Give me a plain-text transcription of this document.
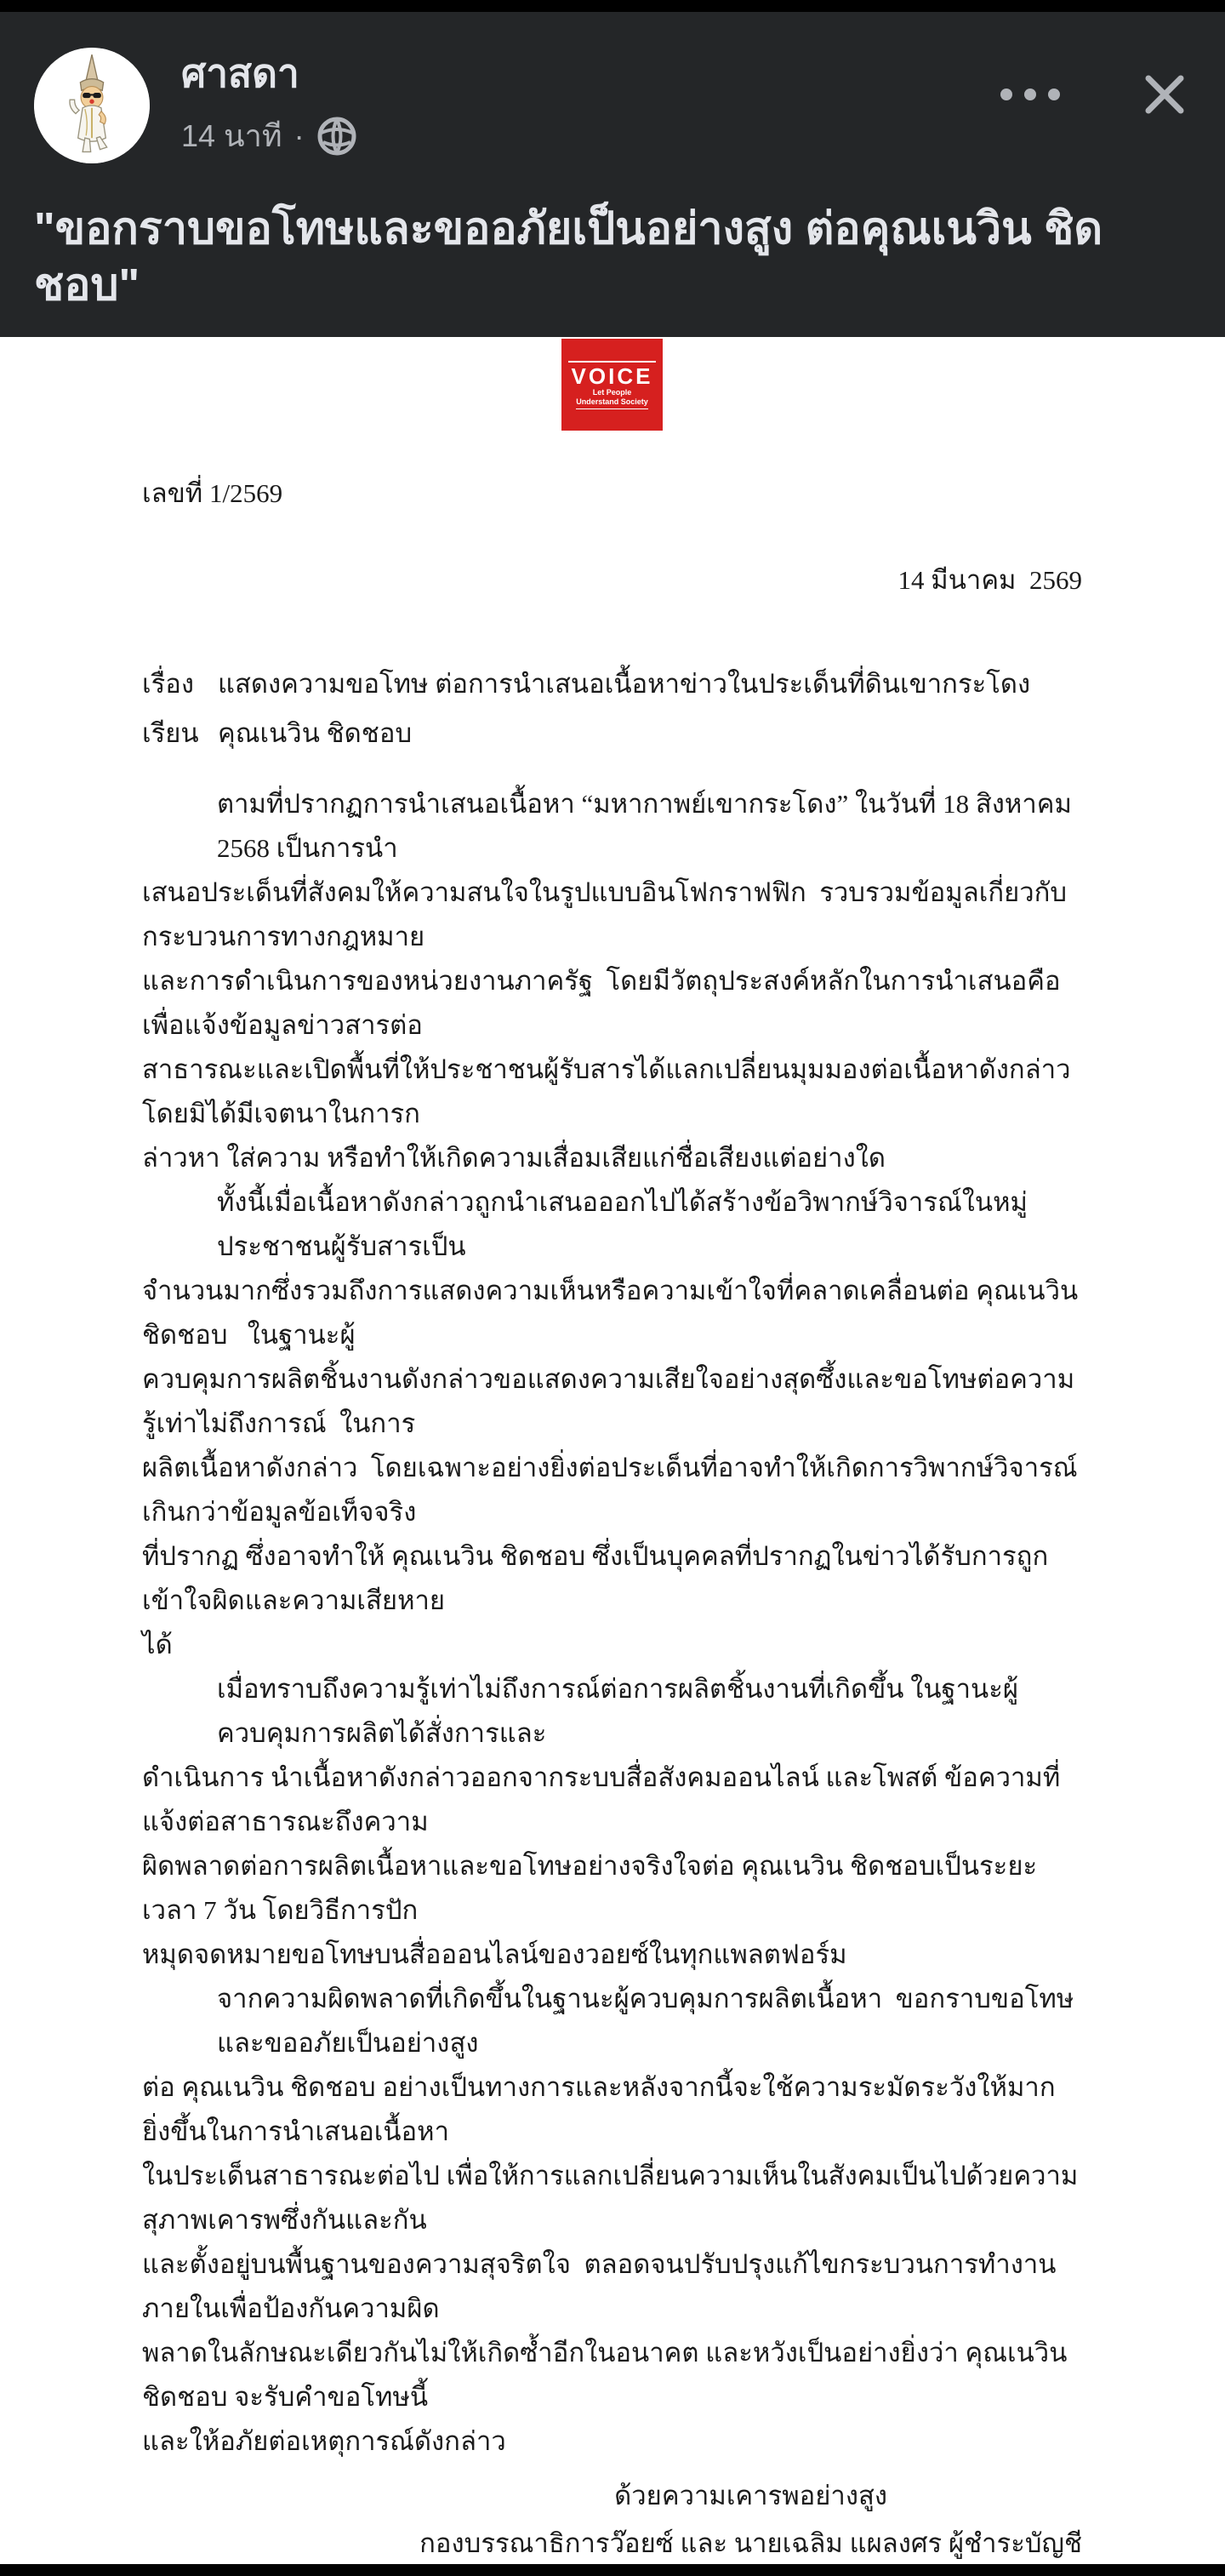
ศาสดา
14 นาที ·
"ขอกราบขอโทษและขออภัยเป็นอย่างสูง ต่อคุณเนวิน ชิดชอบ"
VOICE
Let People
Understand Society
เลขที่ 1/2569
14 มีนาคม  2569
เรื่อง แสดงความขอโทษ ต่อการนำเสนอเนื้อหาข่าวในประเด็นที่ดินเขากระโดง
เรียน คุณเนวิน ชิดชอบ
ตามที่ปรากฏการนำเสนอเนื้อหา “มหากาพย์เขากระโดง” ในวันที่ 18 สิงหาคม 2568 เป็นการนำ
เสนอประเด็นที่สังคมให้ความสนใจในรูปแบบอินโฟกราฟฟิก  รวบรวมข้อมูลเกี่ยวกับกระบวนการทางกฎหมาย
และการดำเนินการของหน่วยงานภาครัฐ  โดยมีวัตถุประสงค์หลักในการนำเสนอคือ  เพื่อแจ้งข้อมูลข่าวสารต่อ
สาธารณะและเปิดพื้นที่ให้ประชาชนผู้รับสารได้แลกเปลี่ยนมุมมองต่อเนื้อหาดังกล่าว  โดยมิได้มีเจตนาในการก
ล่าวหา ใส่ความ หรือทำให้เกิดความเสื่อมเสียแก่ชื่อเสียงแต่อย่างใด
ทั้งนี้เมื่อเนื้อหาดังกล่าวถูกนำเสนอออกไปได้สร้างข้อวิพากษ์วิจารณ์ในหมู่ประชาชนผู้รับสารเป็น
จำนวนมากซึ่งรวมถึงการแสดงความเห็นหรือความเข้าใจที่คลาดเคลื่อนต่อ คุณเนวิน ชิดชอบ   ในฐานะผู้
ควบคุมการผลิตชิ้นงานดังกล่าวขอแสดงความเสียใจอย่างสุดซึ้งและขอโทษต่อความรู้เท่าไม่ถึงการณ์  ในการ
ผลิตเนื้อหาดังกล่าว  โดยเฉพาะอย่างยิ่งต่อประเด็นที่อาจทำให้เกิดการวิพากษ์วิจารณ์เกินกว่าข้อมูลข้อเท็จจริง
ที่ปรากฏ ซึ่งอาจทำให้ คุณเนวิน ชิดชอบ ซึ่งเป็นบุคคลที่ปรากฏในข่าวได้รับการถูกเข้าใจผิดและความเสียหาย
ได้
เมื่อทราบถึงความรู้เท่าไม่ถึงการณ์ต่อการผลิตชิ้นงานที่เกิดขึ้น ในฐานะผู้ควบคุมการผลิตได้สั่งการและ
ดำเนินการ นำเนื้อหาดังกล่าวออกจากระบบสื่อสังคมออนไลน์ และโพสต์ ข้อความที่แจ้งต่อสาธารณะถึงความ
ผิดพลาดต่อการผลิตเนื้อหาและขอโทษอย่างจริงใจต่อ คุณเนวิน ชิดชอบเป็นระยะเวลา 7 วัน โดยวิธีการปัก
หมุดจดหมายขอโทษบนสื่อออนไลน์ของวอยซ์ในทุกแพลตฟอร์ม
จากความผิดพลาดที่เกิดขึ้นในฐานะผู้ควบคุมการผลิตเนื้อหา  ขอกราบขอโทษและขออภัยเป็นอย่างสูง
ต่อ คุณเนวิน ชิดชอบ อย่างเป็นทางการและหลังจากนี้จะใช้ความระมัดระวังให้มากยิ่งขึ้นในการนำเสนอเนื้อหา
ในประเด็นสาธารณะต่อไป เพื่อให้การแลกเปลี่ยนความเห็นในสังคมเป็นไปด้วยความสุภาพเคารพซึ่งกันและกัน
และตั้งอยู่บนพื้นฐานของความสุจริตใจ  ตลอดจนปรับปรุงแก้ไขกระบวนการทำงานภายในเพื่อป้องกันความผิด
พลาดในลักษณะเดียวกันไม่ให้เกิดซ้ำอีกในอนาคต และหวังเป็นอย่างยิ่งว่า คุณเนวิน ชิดชอบ จะรับคำขอโทษนี้
และให้อภัยต่อเหตุการณ์ดังกล่าว
ด้วยความเคารพอย่างสูง
กองบรรณาธิการว๊อยซ์ และ นายเฉลิม แผลงศร ผู้ชำระบัญชี
